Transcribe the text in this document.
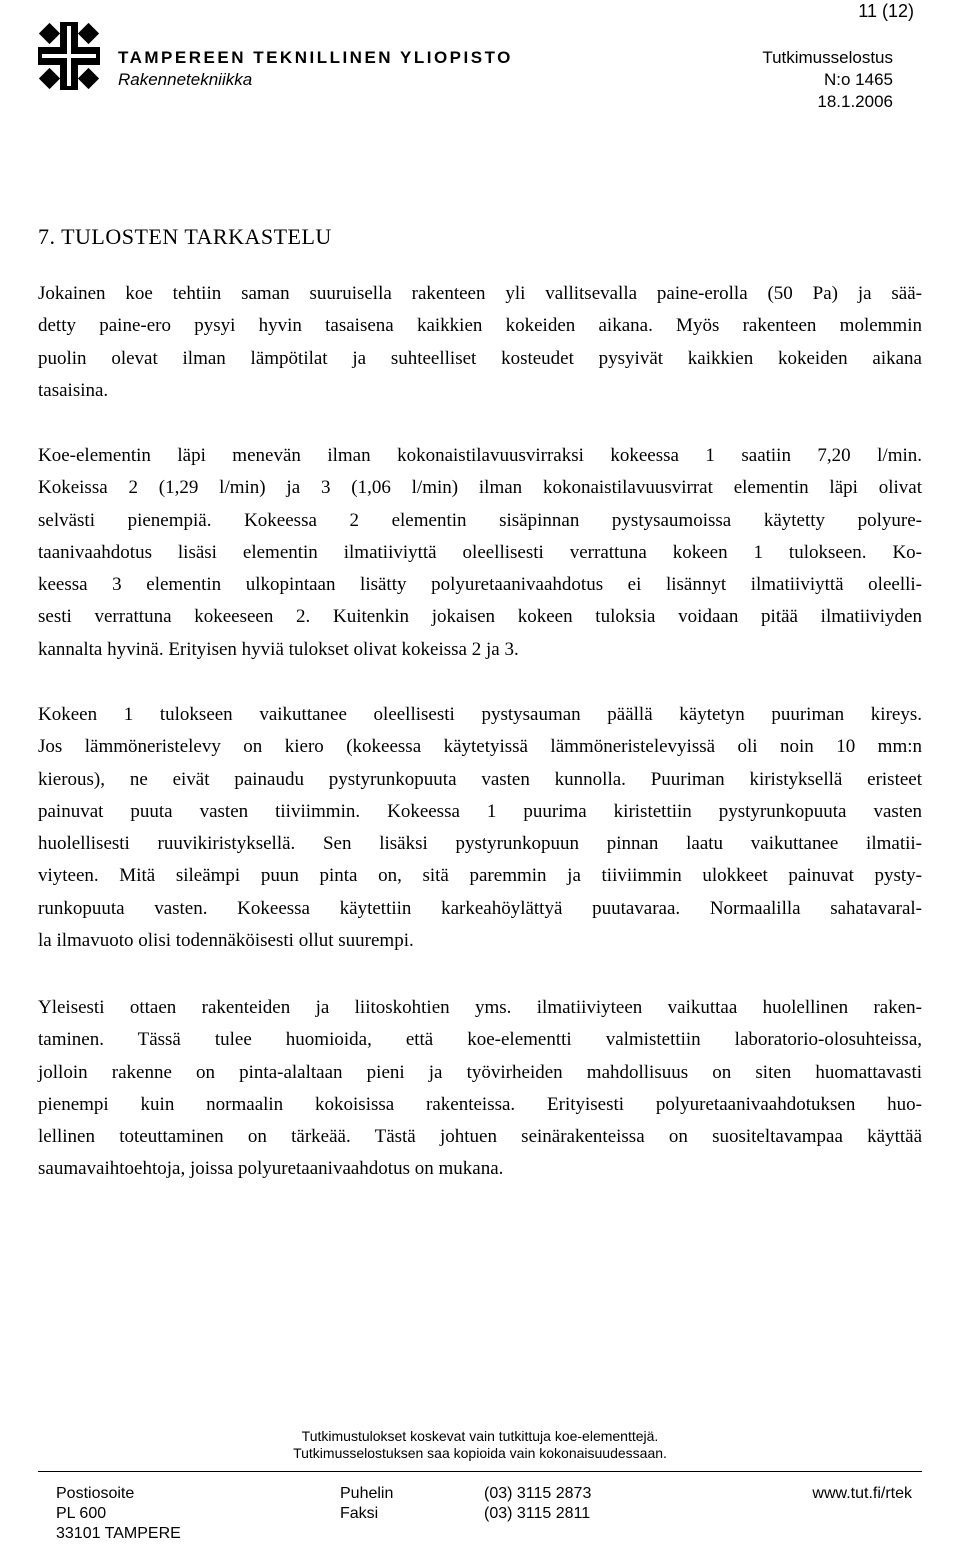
11 (12)
TAMPEREEN TEKNILLINEN YLIOPISTO
Rakennetekniikka
Tutkimusselostus
N:o 1465
18.1.2006
7. TULOSTEN TARKASTELU
Jokainen koe tehtiin saman suuruisella rakenteen yli vallitsevalla paine-erolla (50 Pa) ja sää-
detty paine-ero pysyi hyvin tasaisena kaikkien kokeiden aikana. Myös rakenteen molemmin
puolin olevat ilman lämpötilat ja suhteelliset kosteudet pysyivät kaikkien kokeiden aikana
tasaisina.
Koe-elementin läpi menevän ilman kokonaistilavuusvirraksi kokeessa 1 saatiin 7,20 l/min.
Kokeissa 2 (1,29 l/min) ja 3 (1,06 l/min) ilman kokonaistilavuusvirrat elementin läpi olivat
selvästi pienempiä. Kokeessa 2 elementin sisäpinnan pystysaumoissa käytetty polyure-
taanivaahdotus lisäsi elementin ilmatiiviyttä oleellisesti verrattuna kokeen 1 tulokseen. Ko-
keessa 3 elementin ulkopintaan lisätty polyuretaanivaahdotus ei lisännyt ilmatiiviyttä oleelli-
sesti verrattuna kokeeseen 2. Kuitenkin jokaisen kokeen tuloksia voidaan pitää ilmatiiviyden
kannalta hyvinä. Erityisen hyviä tulokset olivat kokeissa 2 ja 3.
Kokeen 1 tulokseen vaikuttanee oleellisesti pystysauman päällä käytetyn puuriman kireys.
Jos lämmöneristelevy on kiero (kokeessa käytetyissä lämmöneristelevyissä oli noin 10 mm:n
kierous), ne eivät painaudu pystyrunkopuuta vasten kunnolla. Puuriman kiristyksellä eristeet
painuvat puuta vasten tiiviimmin. Kokeessa 1 puurima kiristettiin pystyrunkopuuta vasten
huolellisesti ruuvikiristyksellä. Sen lisäksi pystyrunkopuun pinnan laatu vaikuttanee ilmatii-
viyteen. Mitä sileämpi puun pinta on, sitä paremmin ja tiiviimmin ulokkeet painuvat pysty-
runkopuuta vasten. Kokeessa käytettiin karkeahöylättyä puutavaraa. Normaalilla sahatavaral-
la ilmavuoto olisi todennäköisesti ollut suurempi.
Yleisesti ottaen rakenteiden ja liitoskohtien yms. ilmatiiviyteen vaikuttaa huolellinen raken-
taminen. Tässä tulee huomioida, että koe-elementti valmistettiin laboratorio-olosuhteissa,
jolloin rakenne on pinta-alaltaan pieni ja työvirheiden mahdollisuus on siten huomattavasti
pienempi kuin normaalin kokoisissa rakenteissa. Erityisesti polyuretaanivaahdotuksen huo-
lellinen toteuttaminen on tärkeää. Tästä johtuen seinärakenteissa on suositeltavampaa käyttää
saumavaihtoehtoja, joissa polyuretaanivaahdotus on mukana.
Tutkimustulokset koskevat vain tutkittuja koe-elementtejä.
Tutkimusselostuksen saa kopioida vain kokonaisuudessaan.
Postiosoite
PL 600
33101 TAMPERE
Puhelin
Faksi
(03) 3115 2873
(03) 3115 2811
www.tut.fi/rtek
